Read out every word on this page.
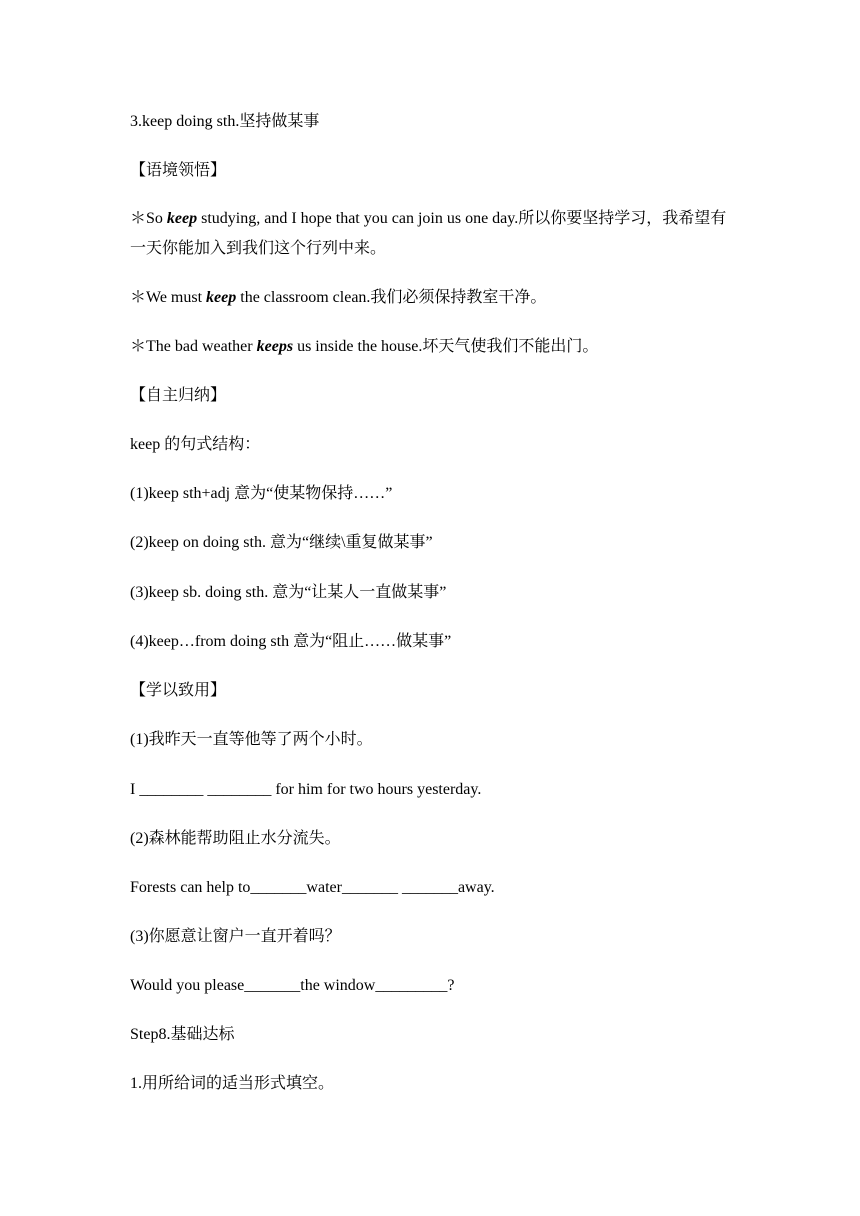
3.keep doing sth.坚持做某事
【语境领悟】
＊So keep studying, and I hope that you can join us one day.所以你要坚持学习，我希望有一天你能加入到我们这个行列中来。
＊We must keep the classroom clean.我们必须保持教室干净。
＊The bad weather keeps us inside the house.坏天气使我们不能出门。
【自主归纳】
keep 的句式结构：
(1)keep sth+adj 意为“使某物保持……”
(2)keep on doing sth. 意为“继续\重复做某事”
(3)keep sb. doing sth. 意为“让某人一直做某事”
(4)keep…from doing sth 意为“阻止……做某事”
【学以致用】
(1)我昨天一直等他等了两个小时。
I ________ ________ for him for two hours yesterday.
(2)森林能帮助阻止水分流失。
Forests can help to_______water_______ _______away.
(3)你愿意让窗户一直开着吗？
Would you please_______the window_________?
Step8.基础达标
1.用所给词的适当形式填空。
